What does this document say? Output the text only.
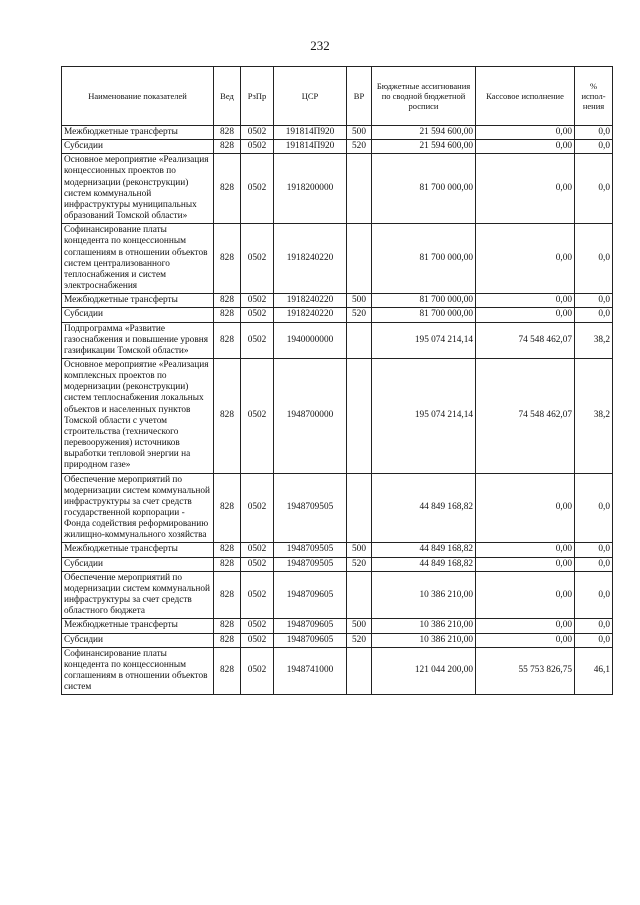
232
Наименование показателей	Вед	РзПр	ЦСР	ВР	Бюджетные ассигнования по сводной бюджетной росписи	Кассовое исполнение	% испол-нения
Межбюджетные трансферты	828	0502	191814П920	500	21 594 600,00	0,00	0,0
Субсидии	828	0502	191814П920	520	21 594 600,00	0,00	0,0
Основное мероприятие «Реализация концессионных проектов по модернизации (реконструкции) систем коммунальной инфраструктуры муниципальных образований Томской области»	828	0502	1918200000		81 700 000,00	0,00	0,0
Софинансирование платы концедента по концессионным соглашениям в отношении объектов систем централизованного теплоснабжения и систем электроснабжения	828	0502	1918240220		81 700 000,00	0,00	0,0
Межбюджетные трансферты	828	0502	1918240220	500	81 700 000,00	0,00	0,0
Субсидии	828	0502	1918240220	520	81 700 000,00	0,00	0,0
Подпрограмма «Развитие газоснабжения и повышение уровня газификации Томской области»	828	0502	1940000000		195 074 214,14	74 548 462,07	38,2
Основное мероприятие «Реализация комплексных проектов по модернизации (реконструкции) систем теплоснабжения локальных объектов и населенных пунктов Томской области с учетом строительства (технического перевооружения) источников выработки тепловой энергии на природном газе»	828	0502	1948700000		195 074 214,14	74 548 462,07	38,2
Обеспечение мероприятий по модернизации систем коммунальной инфраструктуры за счет средств государственной корпорации - Фонда содействия реформированию жилищно-коммунального хозяйства	828	0502	1948709505		44 849 168,82	0,00	0,0
Межбюджетные трансферты	828	0502	1948709505	500	44 849 168,82	0,00	0,0
Субсидии	828	0502	1948709505	520	44 849 168,82	0,00	0,0
Обеспечение мероприятий по модернизации систем коммунальной инфраструктуры за счет средств областного бюджета	828	0502	1948709605		10 386 210,00	0,00	0,0
Межбюджетные трансферты	828	0502	1948709605	500	10 386 210,00	0,00	0,0
Субсидии	828	0502	1948709605	520	10 386 210,00	0,00	0,0
Софинансирование платы концедента по концессионным соглашениям в отношении объектов систем	828	0502	1948741000		121 044 200,00	55 753 826,75	46,1
